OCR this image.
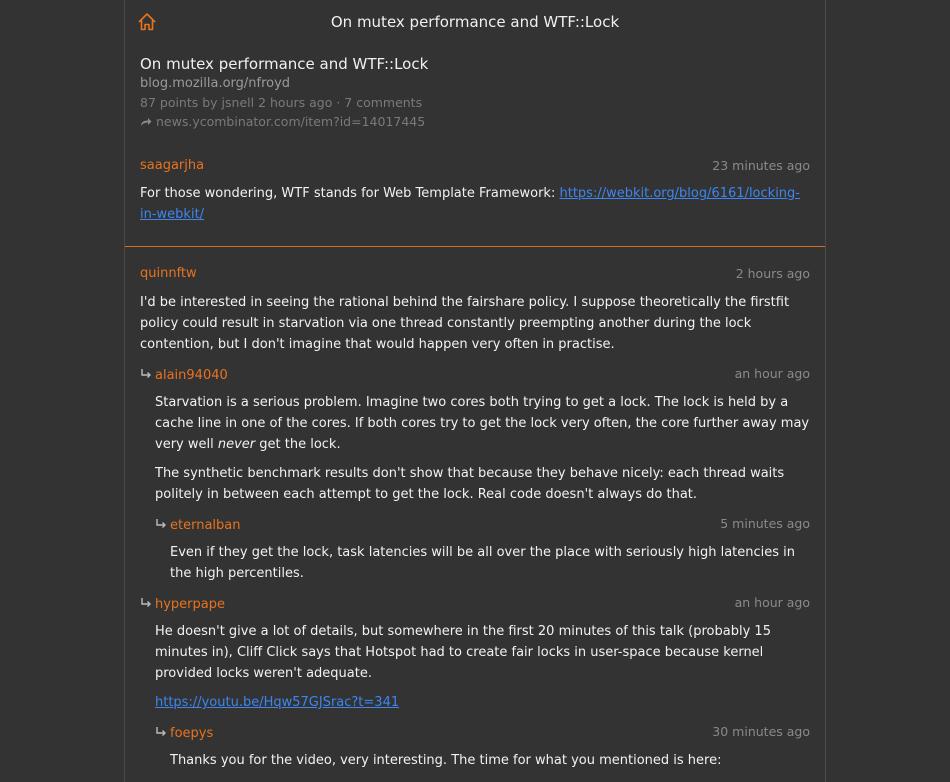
On mutex performance and WTF::Lock
On mutex performance and WTF::Lock
blog.mozilla.org/nfroyd
87 points by jsnell 2 hours ago · 7 comments
news.ycombinator.com/item?id=14017445
saagarjha	23 minutes ago

For those wondering, WTF stands for Web Template Framework: https://webkit.org/blog/6161/locking-in-webkit/

quinnftw	2 hours ago

I'd be interested in seeing the rational behind the fairshare policy. I suppose theoretically the firstfit policy could result in starvation via one thread constantly preempting another during the lock contention, but I don't imagine that would happen very often in practise.

alain94040	an hour ago

Starvation is a serious problem. Imagine two cores both trying to get a lock. The lock is held by a cache line in one of the cores. If both cores try to get the lock very often, the core further away may very well never get the lock.

The synthetic benchmark results don't show that because they behave nicely: each thread waits politely in between each attempt to get the lock. Real code doesn't always do that.

eternalban	5 minutes ago

Even if they get the lock, task latencies will be all over the place with seriously high latencies in the high percentiles.

hyperpape	an hour ago

He doesn't give a lot of details, but somewhere in the first 20 minutes of this talk (probably 15 minutes in), Cliff Click says that Hotspot had to create fair locks in user-space because kernel provided locks weren't adequate.

https://youtu.be/Hqw57GJSrac?t=341

foepys	30 minutes ago

Thanks you for the video, very interesting. The time for what you mentioned is here:
